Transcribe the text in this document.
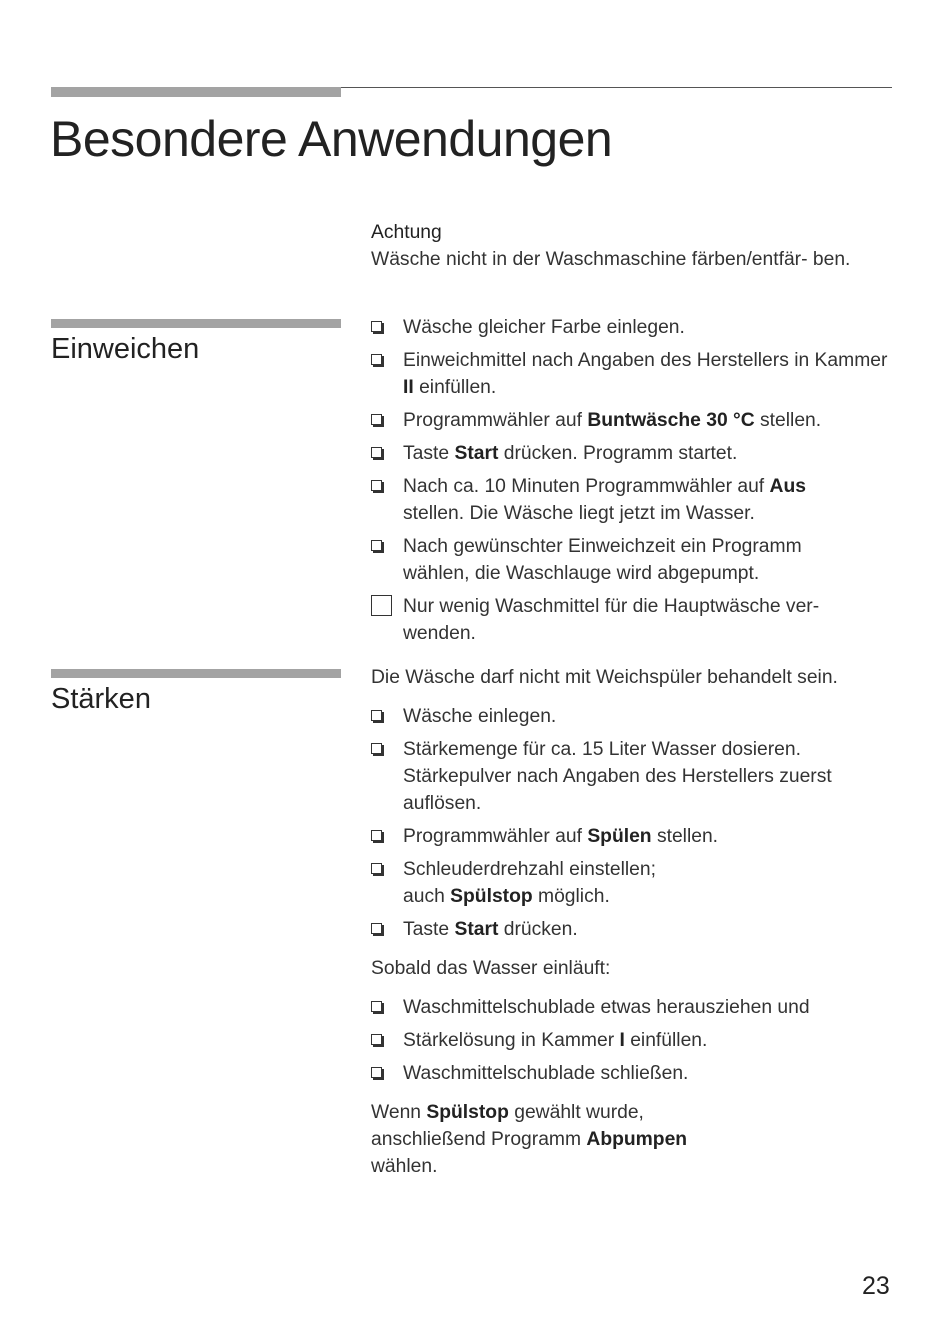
Besondere Anwendungen

Achtung

Wäsche nicht in der Waschmaschine färben/entfär- ben.

Einweichen
Wäsche gleicher Farbe einlegen.
Einweichmittel nach Angaben des Herstellers in Kammer II einfüllen.
Programmwähler auf Buntwäsche 30 °C stellen.
Taste Start drücken. Programm startet.
Nach ca. 10 Minuten Programmwähler auf Aus stellen. Die Wäsche liegt jetzt im Wasser.
Nach gewünschter Einweichzeit ein Programm wählen, die Waschlauge wird abgepumpt.
Nur wenig Waschmittel für die Hauptwäsche ver- wenden.
Stärken

Die Wäsche darf nicht mit Weichspüler behandelt sein.

Wäsche einlegen.
Stärkemenge für ca. 15 Liter Wasser dosieren. Stärkepulver nach Angaben des Herstellers zuerst auflösen.
Programmwähler auf Spülen stellen.
Schleuderdrehzahl einstellen; auch Spülstop möglich.
Taste Start drücken.

Sobald das Wasser einläuft:

Waschmittelschublade etwas herausziehen und
Stärkelösung in Kammer I einfüllen.
Waschmittelschublade schließen.

Wenn Spülstop gewählt wurde, anschließend Programm Abpumpen wählen.

23
